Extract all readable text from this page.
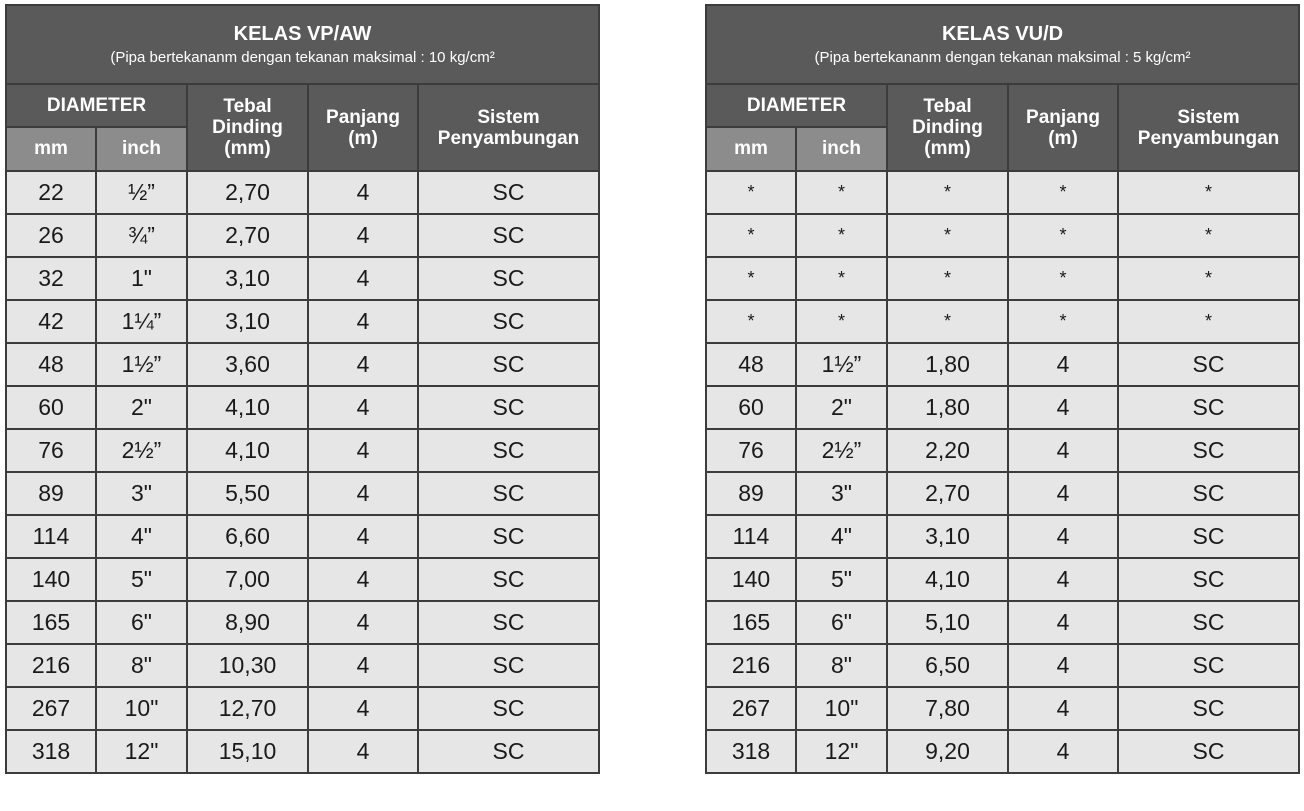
KELAS VP/AW
(Pipa bertekananm dengan tekanan maksimal : 10 kg/cm²				

DIAMETER		Tebal Dinding (mm)	Panjang (m)	Sistem Penyambungan
mm	inch			
22	½”	2,70	4	SC
26	¾”	2,70	4	SC
32	1"	3,10	4	SC
42	1¼”	3,10	4	SC
48	1½”	3,60	4	SC
60	2"	4,10	4	SC
76	2½”	4,10	4	SC
89	3"	5,50	4	SC
114	4"	6,60	4	SC
140	5"	7,00	4	SC
165	6"	8,90	4	SC
216	8"	10,30	4	SC
267	10"	12,70	4	SC
318	12"	15,10	4	SC
KELAS VU/D
(Pipa bertekananm dengan tekanan maksimal : 5 kg/cm²				

DIAMETER		Tebal Dinding (mm)	Panjang (m)	Sistem Penyambungan
mm	inch			
*	*	*	*	*
*	*	*	*	*
*	*	*	*	*
*	*	*	*	*
48	1½”	1,80	4	SC
60	2"	1,80	4	SC
76	2½”	2,20	4	SC
89	3"	2,70	4	SC
114	4"	3,10	4	SC
140	5"	4,10	4	SC
165	6"	5,10	4	SC
216	8"	6,50	4	SC
267	10"	7,80	4	SC
318	12"	9,20	4	SC
